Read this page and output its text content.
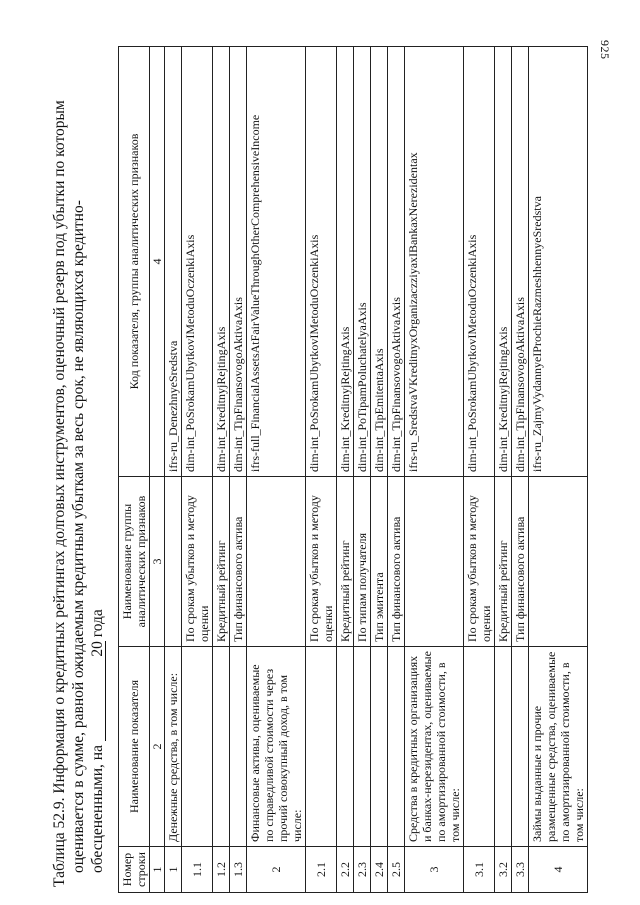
925
Таблица 52.9. Информация о кредитных рейтингах долговых инструментов, оценочный резерв под убытки по которым оценивается в сумме, равной ожидаемым кредитным убыткам за весь срок, не являющихся кредитно- обесцененными, на 20 года
Номер строки	Наименование показателя	Наименование группы аналитических признаков	Код показателя, группы аналитических признаков
1	2	3	4
1	Денежные средства, в том числе:		ifrs-ru_DenezhnyeSredstva
1.1		По срокам убытков и методу оценки	dim-int_PoSrokamUbytkovIMetoduOczenkiAxis
1.2		Кредитный рейтинг	dim-int_KreditnyjRejtingAxis
1.3		Тип финансового актива	dim-int_TipFinansovogoAktivaAxis
2	Финансовые активы, оцениваемые по справедливой стоимости через прочий совокупный доход, в том числе:		ifrs-full_FinancialAssetsAtFairValueThroughOtherComprehensiveIncome
2.1		По срокам убытков и методу оценки	dim-int_PoSrokamUbytkovIMetoduOczenkiAxis
2.2		Кредитный рейтинг	dim-int_KreditnyjRejtingAxis
2.3		По типам получателя	dim-int_PoTipamPoluchatelyaAxis
2.4		Тип эмитента	dim-int_TipEmitentaAxis
2.5		Тип финансового актива	dim-int_TipFinansovogoAktivaAxis
3	Средства в кредитных организациях и банках-нерезидентах, оцениваемые по амортизированной стоимости, в том числе:		ifrs-ru_SredstvaVKreditnyxOrganizaczziyaxIBankaxNerezidentax
3.1		По срокам убытков и методу оценки	dim-int_PoSrokamUbytkovIMetoduOczenkiAxis
3.2		Кредитный рейтинг	dim-int_KreditnyjRejtingAxis
3.3		Тип финансового актива	dim-int_TipFinansovogoAktivaAxis
4	Займы выданные и прочие размещенные средства, оцениваемые по амортизированной стоимости, в том числе:		ifrs-ru_ZajmyVydannyeIProchieRazmeshhennyeSredstva
